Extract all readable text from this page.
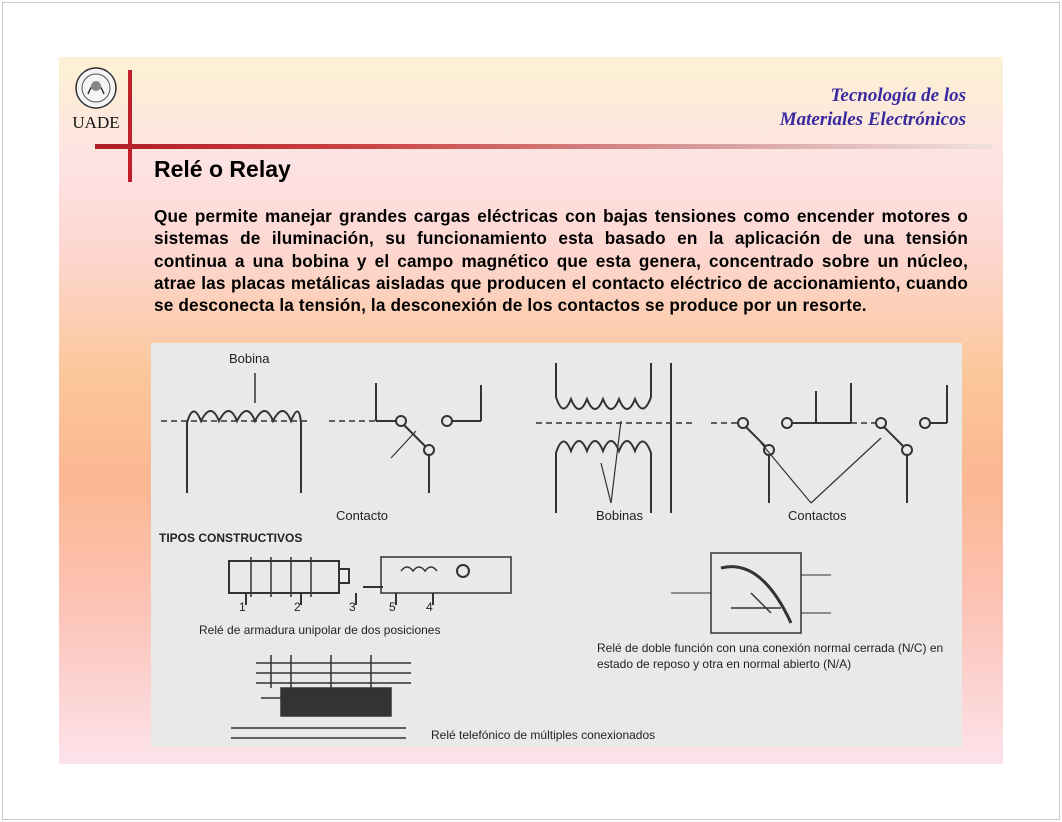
UADE
Tecnología de los
Materiales Electrónicos
Relé o Relay

Que permite manejar grandes cargas eléctricas con bajas tensiones como encender motores o sistemas de iluminación, su funcionamiento esta basado en la aplicación de una tensión continua a una bobina y el campo magnético que esta genera, concentrado sobre un núcleo, atrae las placas metálicas aisladas que producen el contacto eléctrico de accionamiento, cuando se desconecta la tensión, la desconexión de los contactos se produce por un resorte.

Bobina
Contacto	Bobinas	Contactos
TIPOS CONSTRUCTIVOS
1	2	3	5	4
Relé de armadura unipolar de dos posiciones
Relé de doble función con una conexión normal cerrada (N/C) en estado de reposo y otra en normal abierto (N/A)
Relé telefónico de múltiples conexionados
